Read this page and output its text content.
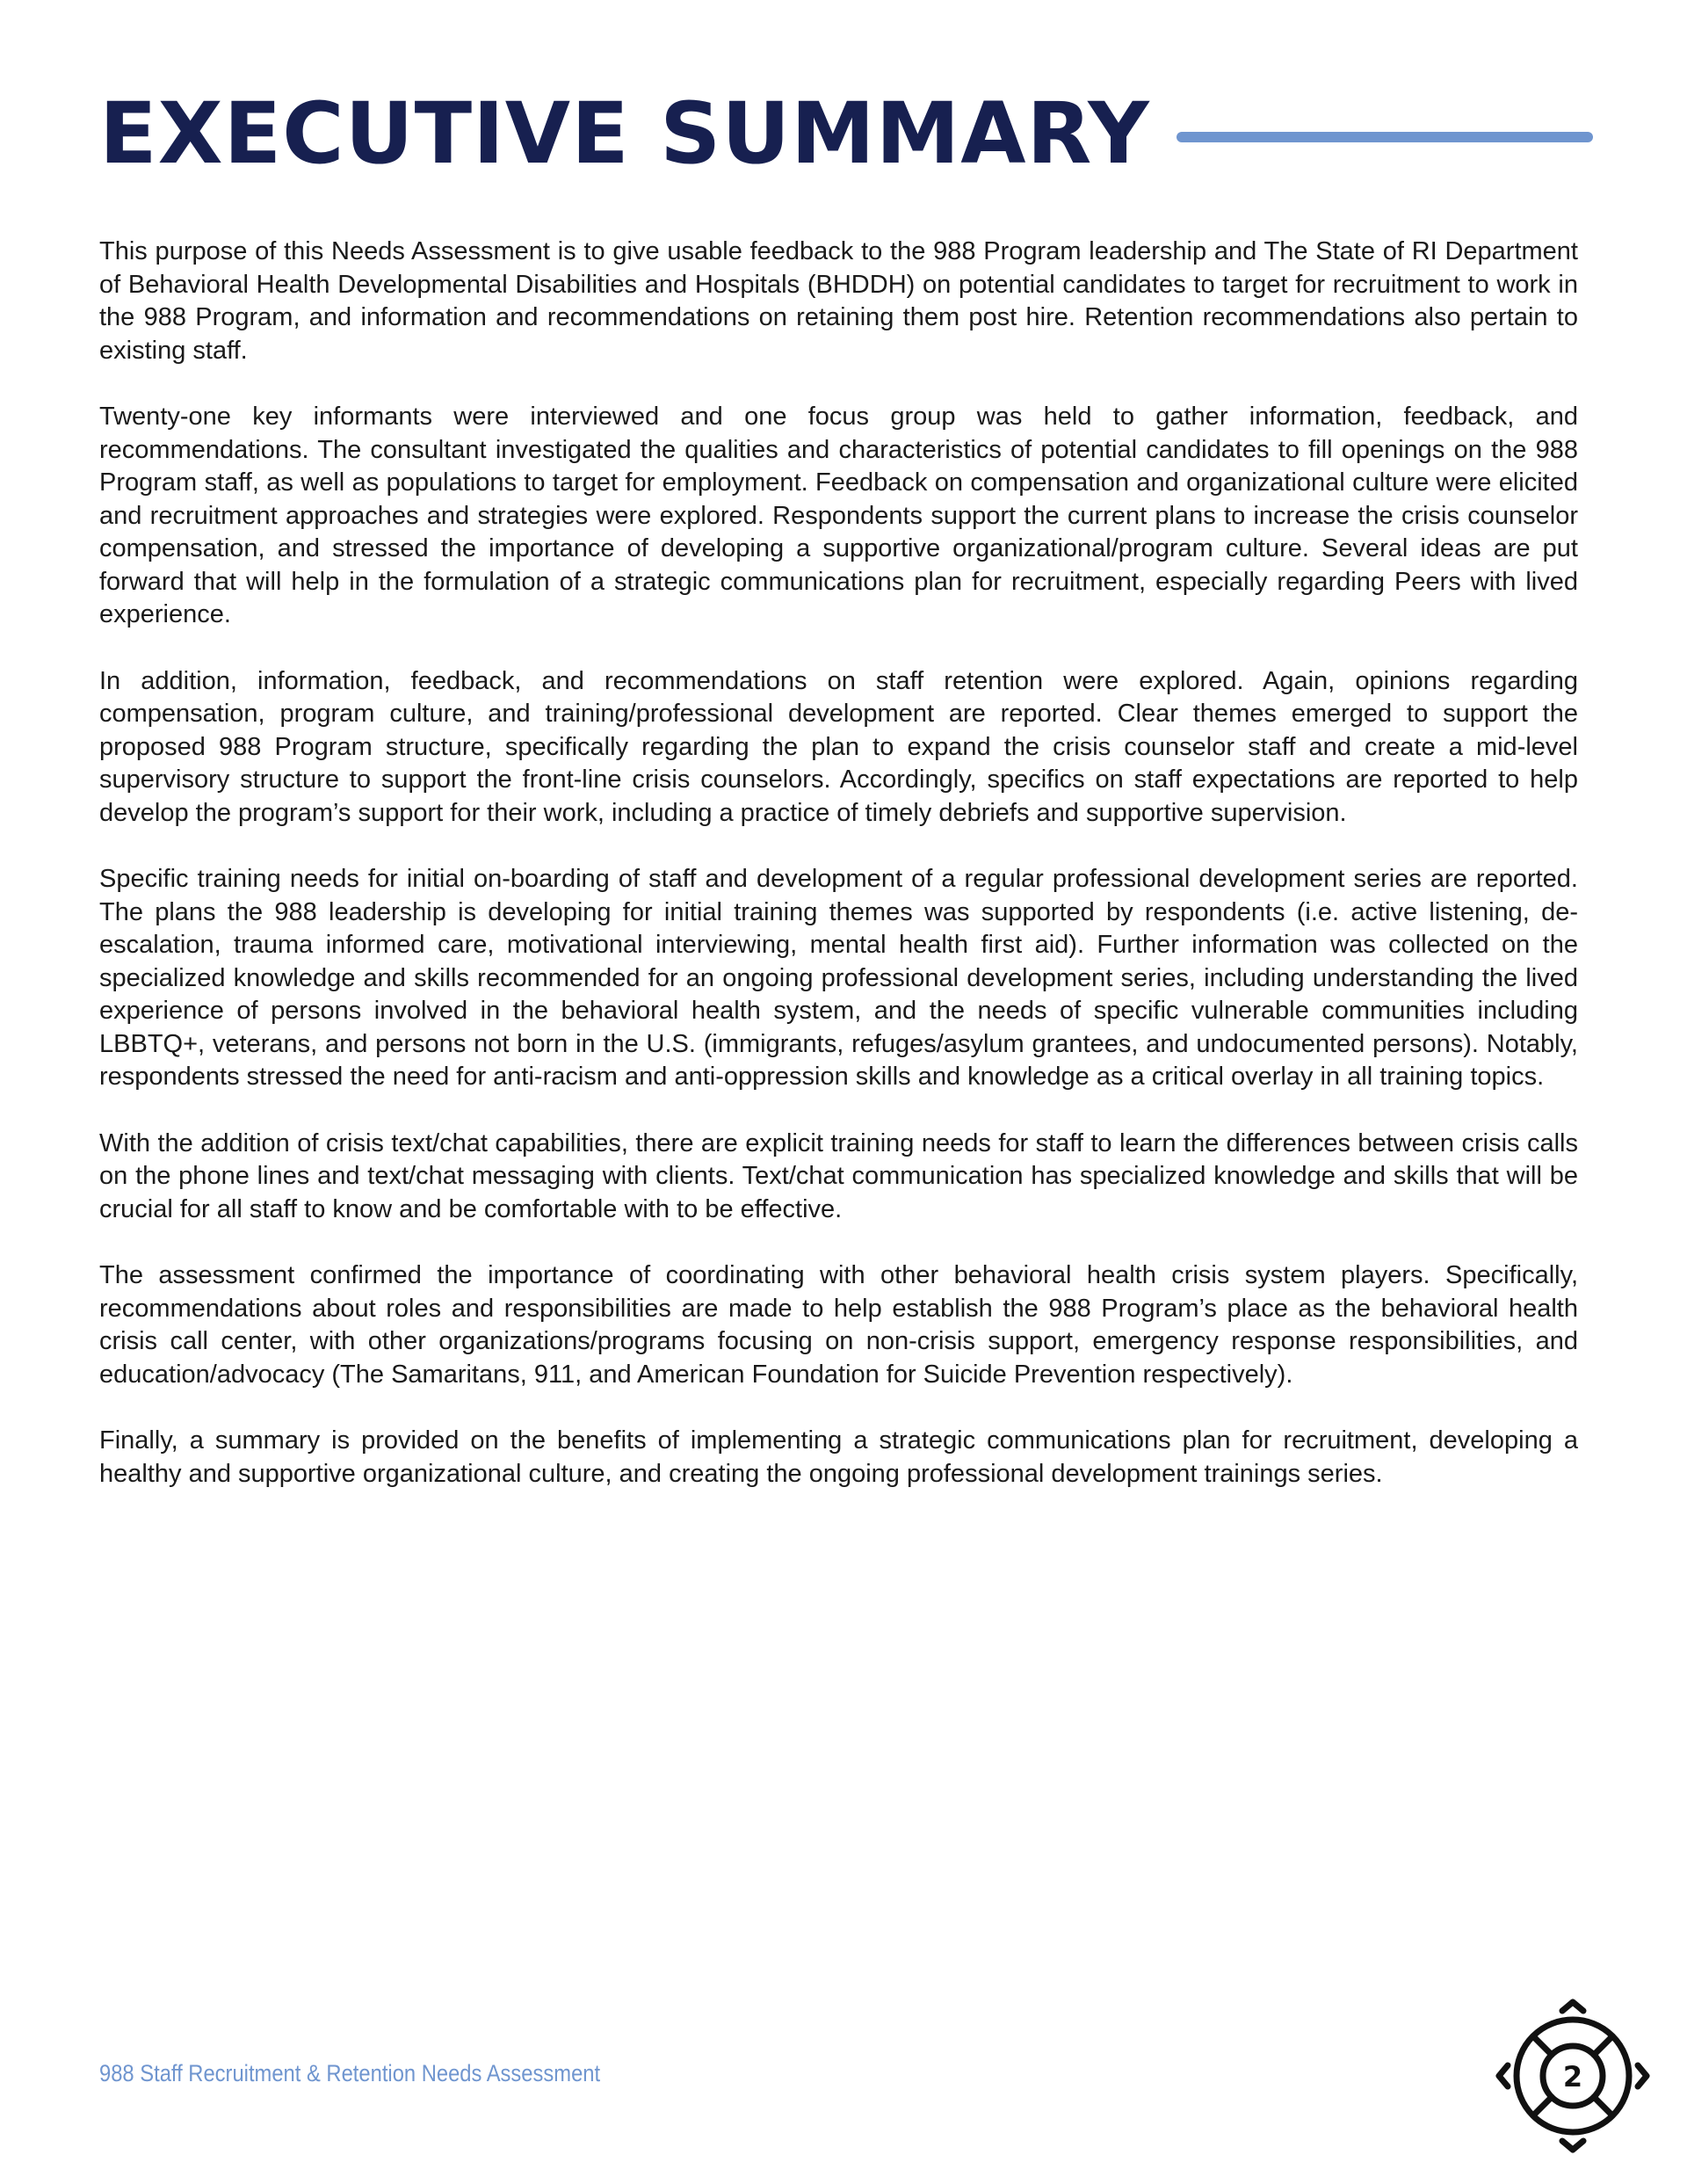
EXECUTIVE SUMMARY

This purpose of this Needs Assessment is to give usable feedback to the 988 Program leadership and The State of RI Department of Behavioral Health Developmental Disabilities and Hospitals (BHDDH) on potential candidates to target for recruitment to work in the 988 Program, and information and recommendations on retaining them post hire. Retention recommendations also pertain to existing staff.

Twenty-one key informants were interviewed and one focus group was held to gather information, feedback, and recommendations. The consultant investigated the qualities and characteristics of potential candidates to fill openings on the 988 Program staff, as well as populations to target for employment. Feedback on compensation and organizational culture were elicited and recruitment approaches and strategies were explored. Respondents support the current plans to increase the crisis counselor compensation, and stressed the importance of developing a supportive organizational/program culture. Several ideas are put forward that will help in the formulation of a strategic communications plan for recruitment, especially regarding Peers with lived experience.

In addition, information, feedback, and recommendations on staff retention were explored. Again, opinions regarding compensation, program culture, and training/professional development are reported. Clear themes emerged to support the proposed 988 Program structure, specifically regarding the plan to expand the crisis counselor staff and create a mid-level supervisory structure to support the front-line crisis counselors. Accordingly, specifics on staff expectations are reported to help develop the program’s support for their work, including a practice of timely debriefs and supportive supervision.

Specific training needs for initial on-boarding of staff and development of a regular professional development series are reported. The plans the 988 leadership is developing for initial training themes was supported by respondents (i.e. active listening, de-escalation, trauma informed care, motivational interviewing, mental health first aid). Further information was collected on the specialized knowledge and skills recommended for an ongoing professional development series, including understanding the lived experience of persons involved in the behavioral health system, and the needs of specific vulnerable communities including LBBTQ+, veterans, and persons not born in the U.S. (immigrants, refuges/asylum grantees, and undocumented persons). Notably, respondents stressed the need for anti-racism and anti-oppression skills and knowledge as a critical overlay in all training topics.

With the addition of crisis text/chat capabilities, there are explicit training needs for staff to learn the differences between crisis calls on the phone lines and text/chat messaging with clients. Text/chat communication has specialized knowledge and skills that will be crucial for all staff to know and be comfortable with to be effective.

The assessment confirmed the importance of coordinating with other behavioral health crisis system players. Specifically, recommendations about roles and responsibilities are made to help establish the 988 Program’s place as the behavioral health crisis call center, with other organizations/programs focusing on non-crisis support, emergency response responsibilities, and education/advocacy (The Samaritans, 911, and American Foundation for Suicide Prevention respectively).

Finally, a summary is provided on the benefits of implementing a strategic communications plan for recruitment, developing a healthy and supportive organizational culture, and creating the ongoing professional development trainings series.

988 Staff Recruitment & Retention Needs Assessment	2
